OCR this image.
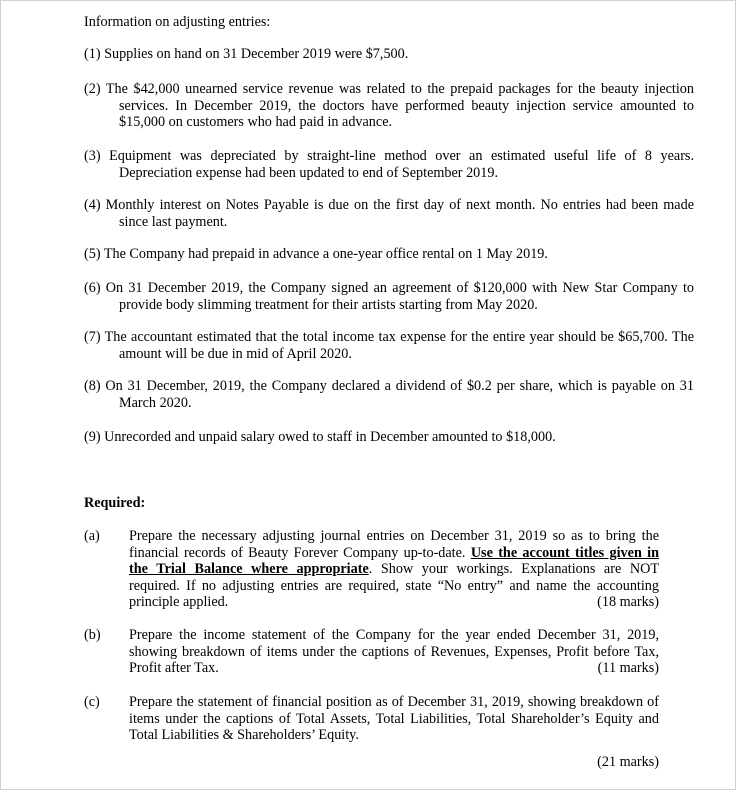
Information on adjusting entries:
(1) Supplies on hand on 31 December 2019 were $7,500.
(2) The $42,000 unearned service revenue was related to the prepaid packages for the beauty injection services. In December 2019, the doctors have performed beauty injection service amounted to $15,000 on customers who had paid in advance.
(3) Equipment was depreciated by straight-line method over an estimated useful life of 8 years. Depreciation expense had been updated to end of September 2019.
(4) Monthly interest on Notes Payable is due on the first day of next month. No entries had been made since last payment.
(5) The Company had prepaid in advance a one-year office rental on 1 May 2019.
(6) On 31 December 2019, the Company signed an agreement of $120,000 with New Star Company to provide body slimming treatment for their artists starting from May 2020.
(7) The accountant estimated that the total income tax expense for the entire year should be $65,700. The amount will be due in mid of April 2020.
(8) On 31 December, 2019, the Company declared a dividend of $0.2 per share, which is payable on 31 March 2020.
(9) Unrecorded and unpaid salary owed to staff in December amounted to $18,000.
Required:
(a) Prepare the necessary adjusting journal entries on December 31, 2019 so as to bring the financial records of Beauty Forever Company up-to-date. Use the account titles given in the Trial Balance where appropriate. Show your workings. Explanations are NOT required. If no adjusting entries are required, state “No entry” and name the accounting principle applied.	(18 marks)
(b) Prepare the income statement of the Company for the year ended December 31, 2019, showing breakdown of items under the captions of Revenues, Expenses, Profit before Tax, Profit after Tax.	(11 marks)
(c) Prepare the statement of financial position as of December 31, 2019, showing breakdown of items under the captions of Total Assets, Total Liabilities, Total Shareholder’s Equity and Total Liabilities & Shareholders’ Equity.
(21 marks)
